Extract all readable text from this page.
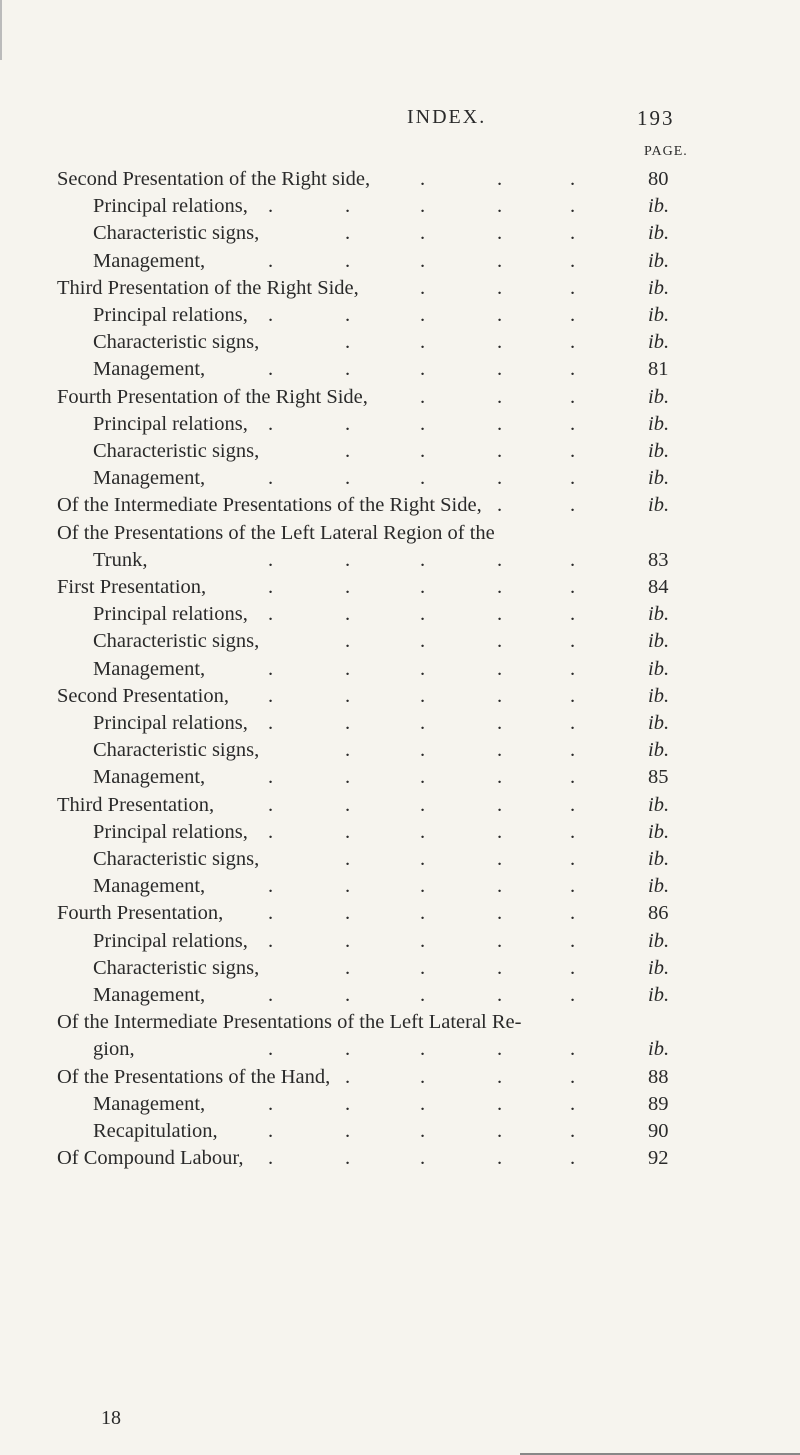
INDEX.	193
PAGE.
Second Presentation of the Right side, .	.	.	80
Principal relations, .	.	.	.	.	ib.
Characteristic signs,	.	.	.	.	ib.
Management,	.	.	.	.	.	ib.
Third Presentation of the Right Side,	.	.	.	ib.
Principal relations, .	.	.	.	.	ib.
Characteristic signs,	.	.	.	.	ib.
Management,	.	.	.	.	.	81
Fourth Presentation of the Right Side,	.	.	.	ib.
Principal relations, .	.	.	.	.	ib.
Characteristic signs,	.	.	.	.	ib.
Management,	.	.	.	.	.	ib.
Of the Intermediate Presentations of the Right Side, .	.	ib.
Of the Presentations of the Left Lateral Region of the
Trunk,	.	.	.	.	.	83
First Presentation,	.	.	.	.	.	84
Principal relations, .	.	.	.	.	ib.
Characteristic signs,	.	.	.	.	ib.
Management,	.	.	.	.	.	ib.
Second Presentation, .	.	.	.	.	ib.
Principal relations, .	.	.	.	.	ib.
Characteristic signs,	.	.	.	.	ib.
Management,	.	.	.	.	.	85
Third Presentation,	.	.	.	.	.	ib.
Principal relations, .	.	.	.	.	ib.
Characteristic signs,	.	.	.	.	ib.
Management,	.	.	.	.	.	ib.
Fourth Presentation, .	.	.	.	.	86
Principal relations, .	.	.	.	.	ib.
Characteristic signs,	.	.	.	.	ib.
Management,	.	.	.	.	.	ib.
Of the Intermediate Presentations of the Left Lateral Re-
gion,	.	.	.	.	.	ib.
Of the Presentations of the Hand, .	.	.	.	88
Management,	.	.	.	.	.	89
Recapitulation, .	.	.	.	.	90
Of Compound Labour, .	.	.	.	.	92
18
